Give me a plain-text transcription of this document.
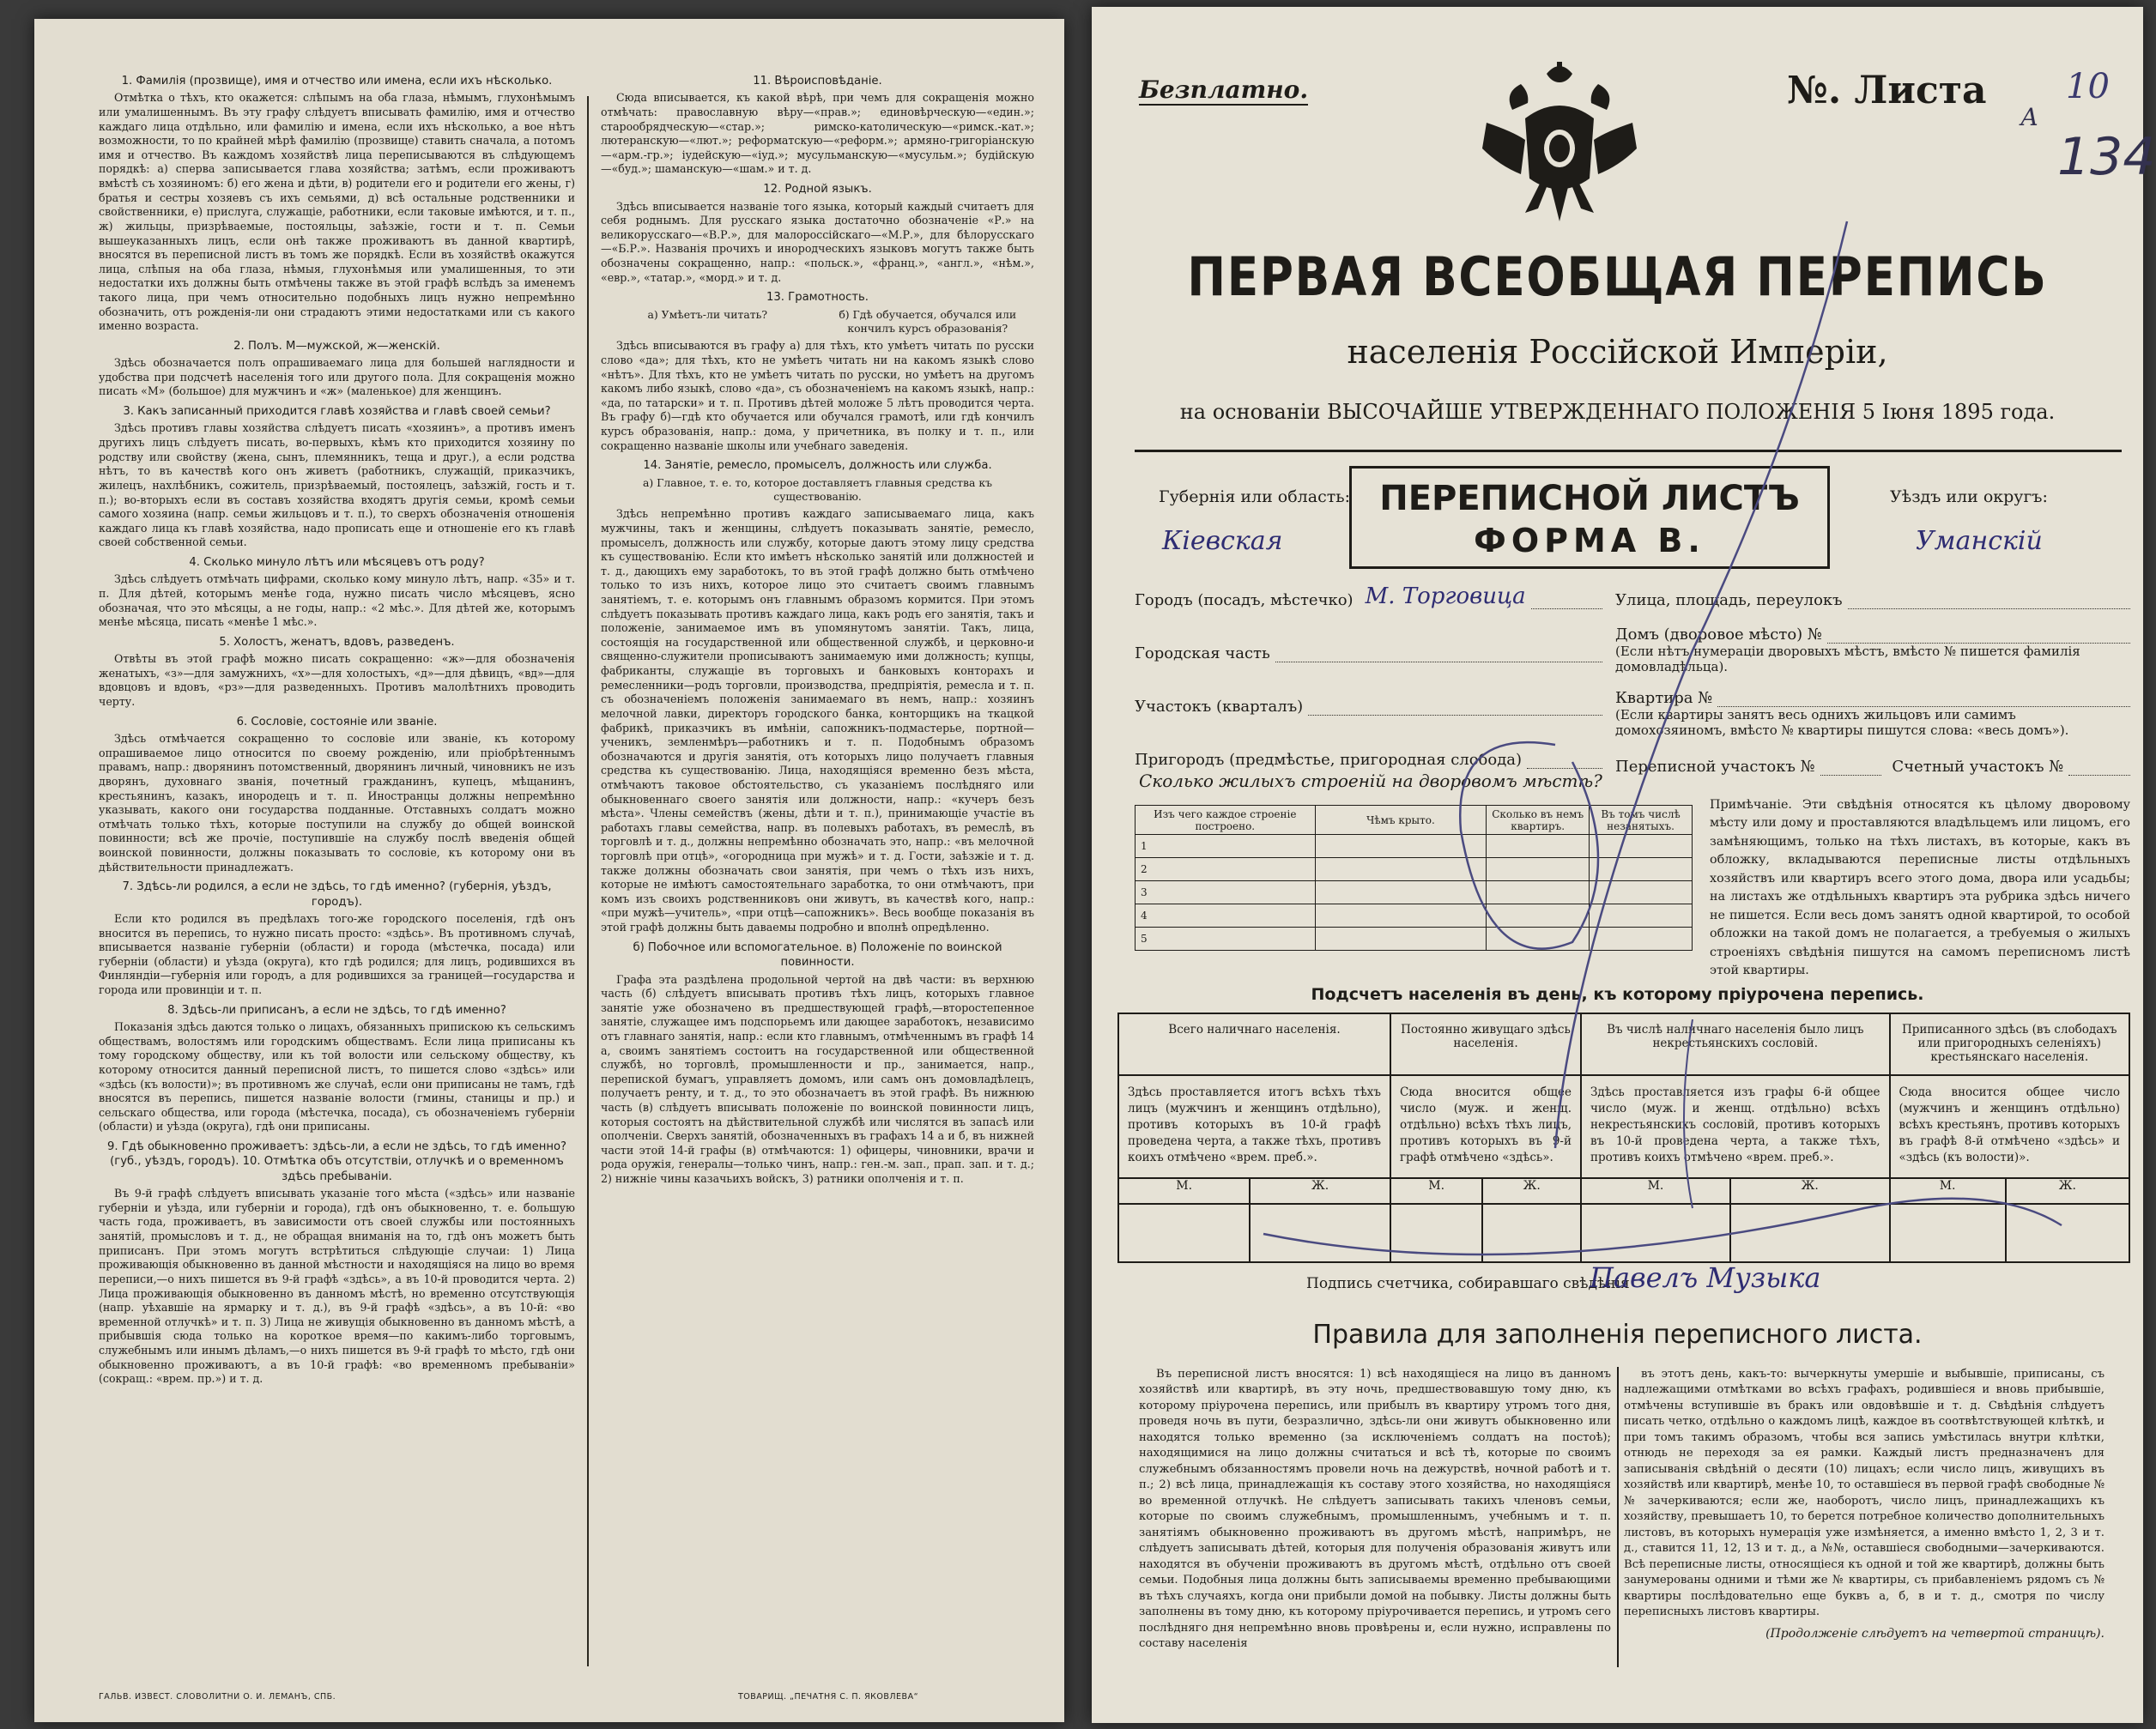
1. Фамилія (прозвище), имя и отчество или имена, если ихъ нѣсколько.

Отмѣтка о тѣхъ, кто окажется: слѣпымъ на оба глаза, нѣмымъ, глухонѣмымъ или умалишеннымъ. Въ эту графу слѣдуетъ вписывать фамилію, имя и отчество каждаго лица отдѣльно, или фамилію и имена, если ихъ нѣсколько, а вое нѣтъ возможности, то по крайней мѣрѣ фамилію (прозвище) ставить сначала, а потомъ имя и отчество. Въ каждомъ хозяйствѣ лица переписываются въ слѣдующемъ порядкѣ: а) сперва записывается глава хозяйства; затѣмъ, если проживаютъ вмѣстѣ съ хозяиномъ: б) его жена и дѣти, в) родители его и родители его жены, г) братья и сестры хозяевъ съ ихъ семьями, д) всѣ остальные родственники и свойственники, е) прислуга, служащіе, работники, если таковые имѣются, и т. п., ж) жильцы, призрѣваемые, постояльцы, заѣзжіе, гости и т. п. Семьи вышеуказанныхъ лицъ, если онѣ также проживаютъ въ данной квартирѣ, вносятся въ переписной листъ въ томъ же порядкѣ. Если въ хозяйствѣ окажутся лица, слѣпыя на оба глаза, нѣмыя, глухонѣмыя или умалишенныя, то эти недостатки ихъ должны быть отмѣчены также въ этой графѣ вслѣдъ за именемъ такого лица, при чемъ относительно подобныхъ лицъ нужно непремѣнно обозначить, отъ рожденія-ли они страдаютъ этими недостатками или съ какого именно возраста.

2. Полъ. М—мужской, ж—женскій.

Здѣсь обозначается полъ опрашиваемаго лица для большей наглядности и удобства при подсчетѣ населенія того или другого пола. Для сокращенія можно писать «М» (большое) для мужчинъ и «ж» (маленькое) для женщинъ.

3. Какъ записанный приходится главѣ хозяйства и главѣ своей семьи?

Здѣсь противъ главы хозяйства слѣдуетъ писать «хозяинъ», а противъ именъ другихъ лицъ слѣдуетъ писать, во-первыхъ, кѣмъ кто приходится хозяину по родству или свойству (жена, сынъ, племянникъ, теща и друг.), а если родства нѣтъ, то въ качествѣ кого онъ живетъ (работникъ, служащій, приказчикъ, жилецъ, нахлѣбникъ, сожитель, призрѣваемый, постоялецъ, заѣзжій, гость и т. п.); во-вторыхъ если въ составъ хозяйства входятъ другія семьи, кромѣ семьи самого хозяина (напр. семьи жильцовъ и т. п.), то сверхъ обозначенія отношенія каждаго лица къ главѣ хозяйства, надо прописать еще и отношеніе его къ главѣ своей собственной семьи.

4. Сколько минуло лѣтъ или мѣсяцевъ отъ роду?

Здѣсь слѣдуетъ отмѣчать цифрами, сколько кому минуло лѣтъ, напр. «35» и т. п. Для дѣтей, которымъ менѣе года, нужно писать число мѣсяцевъ, ясно обозначая, что это мѣсяцы, а не годы, напр.: «2 мѣс.». Для дѣтей же, которымъ менѣе мѣсяца, писать «менѣе 1 мѣс.».

5. Холостъ, женатъ, вдовъ, разведенъ.

Отвѣты въ этой графѣ можно писать сокращенно: «ж»—для обозначенія женатыхъ, «з»—для замужнихъ, «х»—для холостыхъ, «д»—для дѣвицъ, «вд»—для вдовцовъ и вдовъ, «рз»—для разведенныхъ. Противъ малолѣтнихъ проводить черту.

6. Сословіе, состояніе или званіе.

Здѣсь отмѣчается сокращенно то сословіе или званіе, къ которому опрашиваемое лицо относится по своему рожденію, или пріобрѣтеннымъ правамъ, напр.: дворянинъ потомственный, дворянинъ личный, чиновникъ не изъ дворянъ, духовнаго званія, почетный гражданинъ, купецъ, мѣщанинъ, крестьянинъ, казакъ, инородецъ и т. п. Иностранцы должны непремѣнно указывать, какого они государства подданные. Отставныхъ солдатъ можно отмѣчать только тѣхъ, которые поступили на службу до общей воинской повинности; всѣ же прочіе, поступившіе на службу послѣ введенія общей воинской повинности, должны показывать то сословіе, къ которому они въ дѣйствительности принадлежатъ.

7. Здѣсь-ли родился, а если не здѣсь, то гдѣ именно? (губернія, уѣздъ, городъ).

Если кто родился въ предѣлахъ того-же городского поселенія, гдѣ онъ вносится въ перепись, то нужно писать просто: «здѣсь». Въ противномъ случаѣ, вписывается названіе губерніи (области) и города (мѣстечка, посада) или губерніи (области) и уѣзда (округа), кто гдѣ родился; для лицъ, родившихся въ Финляндіи—губернія или городъ, а для родившихся за границей—государства и города или провинціи и т. п.

8. Здѣсь-ли приписанъ, а если не здѣсь, то гдѣ именно?

Показанія здѣсь даются только о лицахъ, обязанныхъ припискою къ сельскимъ обществамъ, волостямъ или городскимъ обществамъ. Если лица приписаны къ тому городскому обществу, или къ той волости или сельскому обществу, къ которому относится данный переписной листъ, то пишется слово «здѣсь» или «здѣсь (къ волости)»; въ противномъ же случаѣ, если они приписаны не тамъ, гдѣ вносятся въ перепись, пишется названіе волости (гмины, станицы и пр.) и сельскаго общества, или города (мѣстечка, посада), съ обозначеніемъ губерніи (области) и уѣзда (округа), гдѣ они приписаны.

9. Гдѣ обыкновенно проживаетъ: здѣсь-ли, а если не здѣсь, то гдѣ именно? (губ., уѣздъ, городъ). 10. Отмѣтка объ отсутствіи, отлучкѣ и о временномъ здѣсь пребываніи.

Въ 9-й графѣ слѣдуетъ вписывать указаніе того мѣста («здѣсь» или названіе губерніи и уѣзда, или губерніи и города), гдѣ онъ обыкновенно, т. е. большую часть года, проживаетъ, въ зависимости отъ своей службы или постоянныхъ занятій, промысловъ и т. д., не обращая вниманія на то, гдѣ онъ можетъ быть приписанъ. При этомъ могутъ встрѣтиться слѣдующіе случаи: 1) Лица проживающія обыкновенно въ данной мѣстности и находящіяся на лицо во время переписи,—о нихъ пишется въ 9-й графѣ «здѣсь», а въ 10-й проводится черта. 2) Лица проживающія обыкновенно въ данномъ мѣстѣ, но временно отсутствующія (напр. уѣхавшіе на ярмарку и т. д.), въ 9-й графѣ «здѣсь», а въ 10-й: «во временной отлучкѣ» и т. п. 3) Лица не живущія обыкновенно въ данномъ мѣстѣ, а прибывшія сюда только на короткое время—по какимъ-либо торговымъ, служебнымъ или инымъ дѣламъ,—о нихъ пишется въ 9-й графѣ то мѣсто, гдѣ они обыкновенно проживаютъ, а въ 10-й графѣ: «во временномъ пребываніи» (сокращ.: «врем. пр.») и т. д.

11. Вѣроисповѣданіе.

Сюда вписывается, къ какой вѣрѣ, при чемъ для сокращенія можно отмѣчать: православную вѣру—«прав.»; единовѣрческую—«един.»; старообрядческую—«стар.»; римско-католическую—«римск.-кат.»; лютеранскую—«лют.»; реформатскую—«реформ.»; армяно-григоріанскую—«арм.-гр.»; іудейскую—«іуд.»; мусульманскую—«мусульм.»; будійскую—«буд.»; шаманскую—«шам.» и т. д.

12. Родной языкъ.

Здѣсь вписывается названіе того языка, который каждый считаетъ для себя роднымъ. Для русскаго языка достаточно обозначеніе «Р.» на великорусскаго—«В.Р.», для малороссійскаго—«М.Р.», для бѣлорусскаго—«Б.Р.». Названія прочихъ и инородческихъ языковъ могутъ также быть обозначены сокращенно, напр.: «польск.», «франц.», «англ.», «нѣм.», «евр.», «татар.», «морд.» и т. д.

13. Грамотность.
а) Умѣетъ-ли читать?	б) Гдѣ обучается, обучался или кончилъ курсъ образованія?

Здѣсь вписываются въ графу а) для тѣхъ, кто умѣетъ читать по русски слово «да»; для тѣхъ, кто не умѣетъ читать ни на какомъ языкѣ слово «нѣтъ». Для тѣхъ, кто не умѣетъ читать по русски, но умѣетъ на другомъ какомъ либо языкѣ, слово «да», съ обозначеніемъ на какомъ языкѣ, напр.: «да, по татарски» и т. п. Противъ дѣтей моложе 5 лѣтъ проводится черта. Въ графу б)—гдѣ кто обучается или обучался грамотѣ, или гдѣ кончилъ курсъ образованія, напр.: дома, у причетника, въ полку и т. п., или сокращенно названіе школы или учебнаго заведенія.

14. Занятіе, ремесло, промыселъ, должность или служба.
а) Главное, т. е. то, которое доставляетъ главныя средства къ существованію.

Здѣсь непремѣнно противъ каждаго записываемаго лица, какъ мужчины, такъ и женщины, слѣдуетъ показывать занятіе, ремесло, промыселъ, должность или службу, которые даютъ этому лицу средства къ существованію. Если кто имѣетъ нѣсколько занятій или должностей и т. д., дающихъ ему заработокъ, то въ этой графѣ должно быть отмѣчено только то изъ нихъ, которое лицо это считаетъ своимъ главнымъ занятіемъ, т. е. которымъ онъ главнымъ образомъ кормится. При этомъ слѣдуетъ показывать противъ каждаго лица, какъ родъ его занятія, такъ и положеніе, занимаемое имъ въ упомянутомъ занятіи. Такъ, лица, состоящія на государственной или общественной службѣ, и церковно-и священно-служители прописываютъ занимаемую ими должность; купцы, фабриканты, служащіе въ торговыхъ и банковыхъ конторахъ и ремесленники—родъ торговли, производства, предпріятія, ремесла и т. п. съ обозначеніемъ положенія занимаемаго въ немъ, напр.: хозяинъ мелочной лавки, директоръ городского банка, конторщикъ на ткацкой фабрикѣ, приказчикъ въ имѣніи, сапожникъ-подмастерье, портной—ученикъ, земленмѣръ—работникъ и т. п. Подобнымъ образомъ обозначаются и другія занятія, отъ которыхъ лицо получаетъ главныя средства къ существованію. Лица, находящіяся временно безъ мѣста, отмѣчаютъ таковое обстоятельство, съ указаніемъ послѣдняго или обыкновеннаго своего занятія или должности, напр.: «кучеръ безъ мѣста». Члены семействъ (жены, дѣти и т. п.), принимающіе участіе въ работахъ главы семейства, напр. въ полевыхъ работахъ, въ ремеслѣ, въ торговлѣ и т. д., должны непремѣнно обозначать это, напр.: «въ мелочной торговлѣ при отцѣ», «огородница при мужѣ» и т. д. Гости, заѣзжіе и т. д. также должны обозначать свои занятія, при чемъ о тѣхъ изъ нихъ, которые не имѣютъ самостоятельнаго заработка, то они отмѣчаютъ, при комъ изъ своихъ родственниковъ они живутъ, въ качествѣ кого, напр.: «при мужѣ—учитель», «при отцѣ—сапожникъ». Весь вообще показанія въ этой графѣ должны быть даваемы подробно и вполнѣ опредѣленно.

б) Побочное или вспомогательное. в) Положеніе по воинской повинности.

Графа эта раздѣлена продольной чертой на двѣ части: въ верхнюю часть (б) слѣдуетъ вписывать противъ тѣхъ лицъ, которыхъ главное занятіе уже обозначено въ предшествующей графѣ,—второстепенное занятіе, служащее имъ подспорьемъ или дающее заработокъ, независимо отъ главнаго занятія, напр.: если кто главнымъ, отмѣченнымъ въ графѣ 14 а, своимъ занятіемъ состоитъ на государственной или общественной службѣ, но торговлѣ, промышленности и пр., занимается, напр., перепиской бумагъ, управляетъ домомъ, или самъ онъ домовладѣлецъ, получаетъ ренту, и т. д., то это обозначаетъ въ этой графѣ. Въ нижнюю часть (в) слѣдуетъ вписывать положеніе по воинской повинности лицъ, которыя состоятъ на дѣйствительной службѣ или числятся въ запасѣ или ополченіи. Сверхъ занятій, обозначенныхъ въ графахъ 14 а и б, въ нижней части этой 14-й графы (в) отмѣчаются: 1) офицеры, чиновники, врачи и рода оружія, генералы—только чинъ, напр.: ген.-м. зап., прап. зап. и т. д.; 2) нижніе чины казачьихъ войскъ, 3) ратники ополченія и т. п.

ГАЛЬВ. ИЗВЕСТ. СЛОВОЛИТНИ О. И. ЛЕМАНЪ, СПБ.	ТОВАРИЩ. „ПЕЧАТНЯ С. П. ЯКОВЛЕВА“
Безплатно.	№. Листа 10
А
134
ПЕРВАЯ ВСЕОБЩАЯ ПЕРЕПИСЬ
населенія Россійской Имперіи,
на основаніи ВЫСОЧАЙШЕ УТВЕРЖДЕННАГО ПОЛОЖЕНІЯ 5 Іюня 1895 года.
ПЕРЕПИСНОЙ ЛИСТЪ
ФОРМА В.
Губернія или область:
Кіевская
Уѣздъ или округъ:
Уманскій
Городъ (посадъ, мѣстечко) М. Торговица
Городская часть
Участокъ (кварталъ)
Пригородъ (предмѣстье, пригородная слобода)
Улица, площадь, переулокъ
Домъ (дворовое мѣсто) №
(Если нѣтъ нумераціи дворовыхъ мѣстъ, вмѣсто № пишется фамилія домовладѣльца).
Квартира №
(Если квартиры занятъ весь однихъ жильцовъ или самимъ домохозяиномъ, вмѣсто № квартиры пишутся слова: «весь домъ»).
Переписной участокъ №	Счетный участокъ №
Сколько жилыхъ строеній на дворовомъ мѣстѣ?
Изъ чего каждое строеніе построено.	Чѣмъ крыто.	Сколько въ немъ квартиръ.	Въ томъ числѣ незанятыхъ.
1			
2			
3			
4			
5			
Примѣчаніе. Эти свѣдѣнія относятся къ цѣлому дворовому мѣсту или дому и проставляются владѣльцемъ или лицомъ, его замѣняющимъ, только на тѣхъ листахъ, въ которые, какъ въ обложку, вкладываются переписные листы отдѣльныхъ хозяйствъ или квартиръ всего этого дома, двора или усадьбы; на листахъ же отдѣльныхъ квартиръ эта рубрика здѣсь ничего не пишется. Если весь домъ занятъ одной квартирой, то особой обложки на такой домъ не полагается, а требуемыя о жилыхъ строеніяхъ свѣдѣнія пишутся на самомъ переписномъ листѣ этой квартиры.
Подсчетъ населенія въ день, къ которому пріурочена перепись.
Всего наличнаго населенія.		Постоянно живущаго здѣсь населенія.		Въ числѣ наличнаго населенія было лицъ некрестьянскихъ сословій.		Приписанного здѣсь (въ слободахъ или пригородныхъ селеніяхъ) крестьянскаго населенія.	
Здѣсь проставляется итогъ всѣхъ тѣхъ лицъ (мужчинъ и женщинъ отдѣльно), противъ которыхъ въ 10-й графѣ проведена черта, а также тѣхъ, противъ коихъ отмѣчено «врем. преб.».		Сюда вносится общее число (муж. и женщ. отдѣльно) всѣхъ тѣхъ лицъ, противъ которыхъ въ 9-й графѣ отмѣчено «здѣсь».		Здѣсь проставляется изъ графы 6-й общее число (муж. и женщ. отдѣльно) всѣхъ некрестьянскихъ сословій, противъ которыхъ въ 10-й проведена черта, а также тѣхъ, противъ коихъ отмѣчено «врем. преб.».		Сюда вносится общее число (мужчинъ и женщинъ отдѣльно) всѣхъ крестьянъ, противъ которыхъ въ графѣ 8-й отмѣчено «здѣсь» и «здѣсь (къ волости)».	
М.	Ж.	М.	Ж.	М.	Ж.	М.	Ж.

Подпись счетчика, собиравшаго свѣдѣнія
Павелъ Музыка
Правила для заполненія переписного листа.

Въ переписной листъ вносятся: 1) всѣ находящіеся на лицо въ данномъ хозяйствѣ или квартирѣ, въ эту ночь, предшествовавшую тому дню, къ которому пріурочена перепись, или прибылъ въ квартиру утромъ того дня, проведя ночь въ пути, безразлично, здѣсь-ли они живутъ обыкновенно или находятся только временно (за исключеніемъ солдатъ на постоѣ); находящимися на лицо должны считаться и всѣ тѣ, которые по своимъ служебнымъ обязанностямъ провели ночь на дежурствѣ, ночной работѣ и т. п.; 2) всѣ лица, принадлежащія къ составу этого хозяйства, но находящіяся во временной отлучкѣ. Не слѣдуетъ записывать такихъ членовъ семьи, которые по своимъ служебнымъ, промышленнымъ, учебнымъ и т. п. занятіямъ обыкновенно проживаютъ въ другомъ мѣстѣ, напримѣръ, не слѣдуетъ записывать дѣтей, которыя для полученія образованія живутъ или находятся въ обученіи проживаютъ въ другомъ мѣстѣ, отдѣльно отъ своей семьи. Подобныя лица должны быть записываемы временно пребывающими въ тѣхъ случаяхъ, когда они прибыли домой на побывку. Листы должны быть заполнены въ тому дню, къ которому пріурочивается перепись, и утромъ сего послѣдняго дня непремѣнно вновь провѣрены и, если нужно, исправлены по составу населенія

въ этотъ день, какъ-то: вычеркнуты умершіе и выбывшіе, приписаны, съ надлежащими отмѣтками во всѣхъ графахъ, родившіеся и вновь прибывшіе, отмѣчены вступившіе въ бракъ или овдовѣвшіе и т. д. Свѣдѣнія слѣдуетъ писать четко, отдѣльно о каждомъ лицѣ, каждое въ соотвѣтствующей клѣткѣ, и при томъ такимъ образомъ, чтобы вся запись умѣстилась внутри клѣтки, отнюдь не переходя за ея рамки. Каждый листъ предназначенъ для записыванія свѣдѣній о десяти (10) лицахъ; если число лицъ, живущихъ въ хозяйствѣ или квартирѣ, менѣе 10, то оставшіеся въ первой графѣ свободные №№ зачеркиваются; если же, наоборотъ, число лицъ, принадлежащихъ къ хозяйству, превышаетъ 10, то берется потребное количество дополнительныхъ листовъ, въ которыхъ нумерація уже измѣняется, а именно вмѣсто 1, 2, 3 и т. д., ставится 11, 12, 13 и т. д., а №№, оставшіеся свободными—зачеркиваются. Всѣ переписные листы, относящіеся къ одной и той же квартирѣ, должны быть занумерованы одними и тѣми же № квартиры, съ прибавленіемъ рядомъ съ № квартиры послѣдовательно еще буквъ а, б, в и т. д., смотря по числу переписныхъ листовъ квартиры.

(Продолженіе слѣдуетъ на четвертой страницѣ).
